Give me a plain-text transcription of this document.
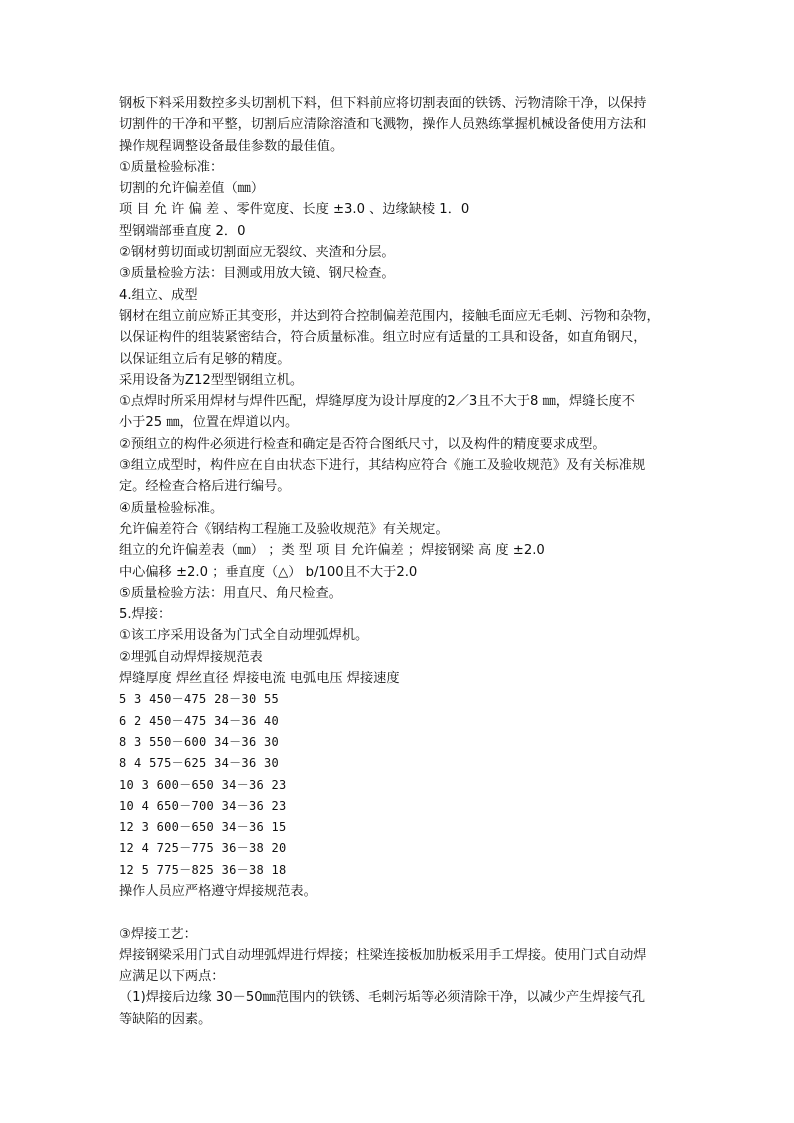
钢板下料采用数控多头切割机下料，但下料前应将切割表面的铁锈、污物清除干净，以保持
切割件的干净和平整，切割后应清除溶渣和飞溅物，操作人员熟练掌握机械设备使用方法和
操作规程调整设备最佳参数的最佳值。
①质量检验标准：
切割的允许偏差值（㎜）
项 目 允 许 偏 差 、零件宽度、长度 ±3.0 、边缘缺棱 1．0
型钢端部垂直度 2．0
②钢材剪切面或切割面应无裂纹、夹渣和分层。
③质量检验方法：目测或用放大镜、钢尺检查。
4.组立、成型
钢材在组立前应矫正其变形，并达到符合控制偏差范围内，接触毛面应无毛刺、污物和杂物，
以保证构件的组装紧密结合，符合质量标准。组立时应有适量的工具和设备，如直角钢尺，
以保证组立后有足够的精度。
采用设备为Z12型型钢组立机。
①点焊时所采用焊材与焊件匹配，焊缝厚度为设计厚度的2／3且不大于8 ㎜，焊缝长度不
小于25 ㎜，位置在焊道以内。
②预组立的构件必须进行检查和确定是否符合图纸尺寸，以及构件的精度要求成型。
③组立成型时，构件应在自由状态下进行，其结构应符合《施工及验收规范》及有关标准规
定。经检查合格后进行编号。
④质量检验标准。
允许偏差符合《钢结构工程施工及验收规范》有关规定。
组立的允许偏差表（㎜） ；类 型 项 目 允许偏差 ；焊接钢梁 高 度 ±2.0
中心偏移 ±2.0 ；垂直度（△） b/100且不大于2.0
⑤质量检验方法：用直尺、角尺检查。
5.焊接：
①该工序采用设备为门式全自动埋弧焊机。
②埋弧自动焊焊接规范表
焊缝厚度 焊丝直径 焊接电流 电弧电压 焊接速度
5 3 450－475 28－30 55
6 2 450－475 34－36 40
8 3 550－600 34－36 30
8 4 575－625 34－36 30
10 3 600－650 34－36 23
10 4 650－700 34－36 23
12 3 600－650 34－36 15
12 4 725－775 36－38 20
12 5 775－825 36－38 18
操作人员应严格遵守焊接规范表。
③焊接工艺：
焊接钢梁采用门式自动埋弧焊进行焊接；柱梁连接板加肋板采用手工焊接。使用门式自动焊
应满足以下两点：
（1)焊接后边缘 30－50㎜范围内的铁锈、毛刺污垢等必须清除干净，以减少产生焊接气孔
等缺陷的因素。
